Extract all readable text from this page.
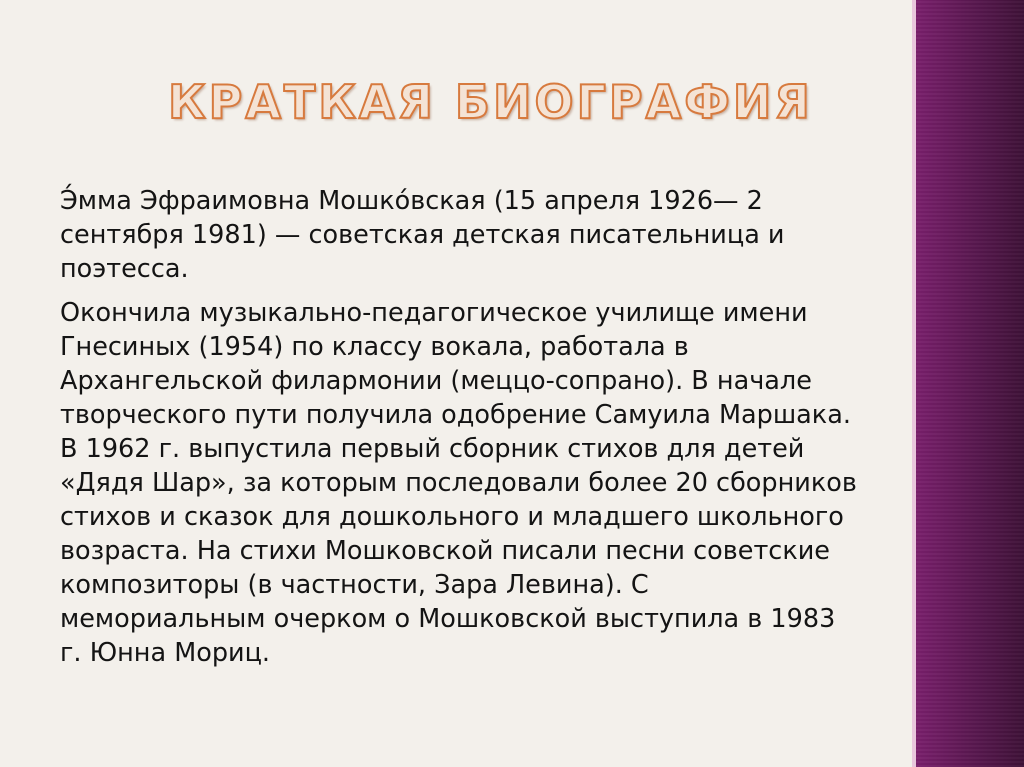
КРАТКАЯ БИОГРАФИЯ

Э́мма Эфраимовна Мошко́вская (15 апреля 1926— 2 сентября 1981) — советская детская писательница и поэтесса.

Окончила музыкально-педагогическое училище имени Гнесиных (1954) по классу вокала, работала в Архангельской филармонии (меццо-сопрано). В начале творческого пути получила одобрение Самуила Маршака. В 1962 г. выпустила первый сборник стихов для детей «Дядя Шар», за которым последовали более 20 сборников стихов и сказок для дошкольного и младшего школьного возраста. На стихи Мошковской писали песни советские композиторы (в частности, Зара Левина). С мемориальным очерком о Мошковской выступила в 1983 г. Юнна Мориц.
